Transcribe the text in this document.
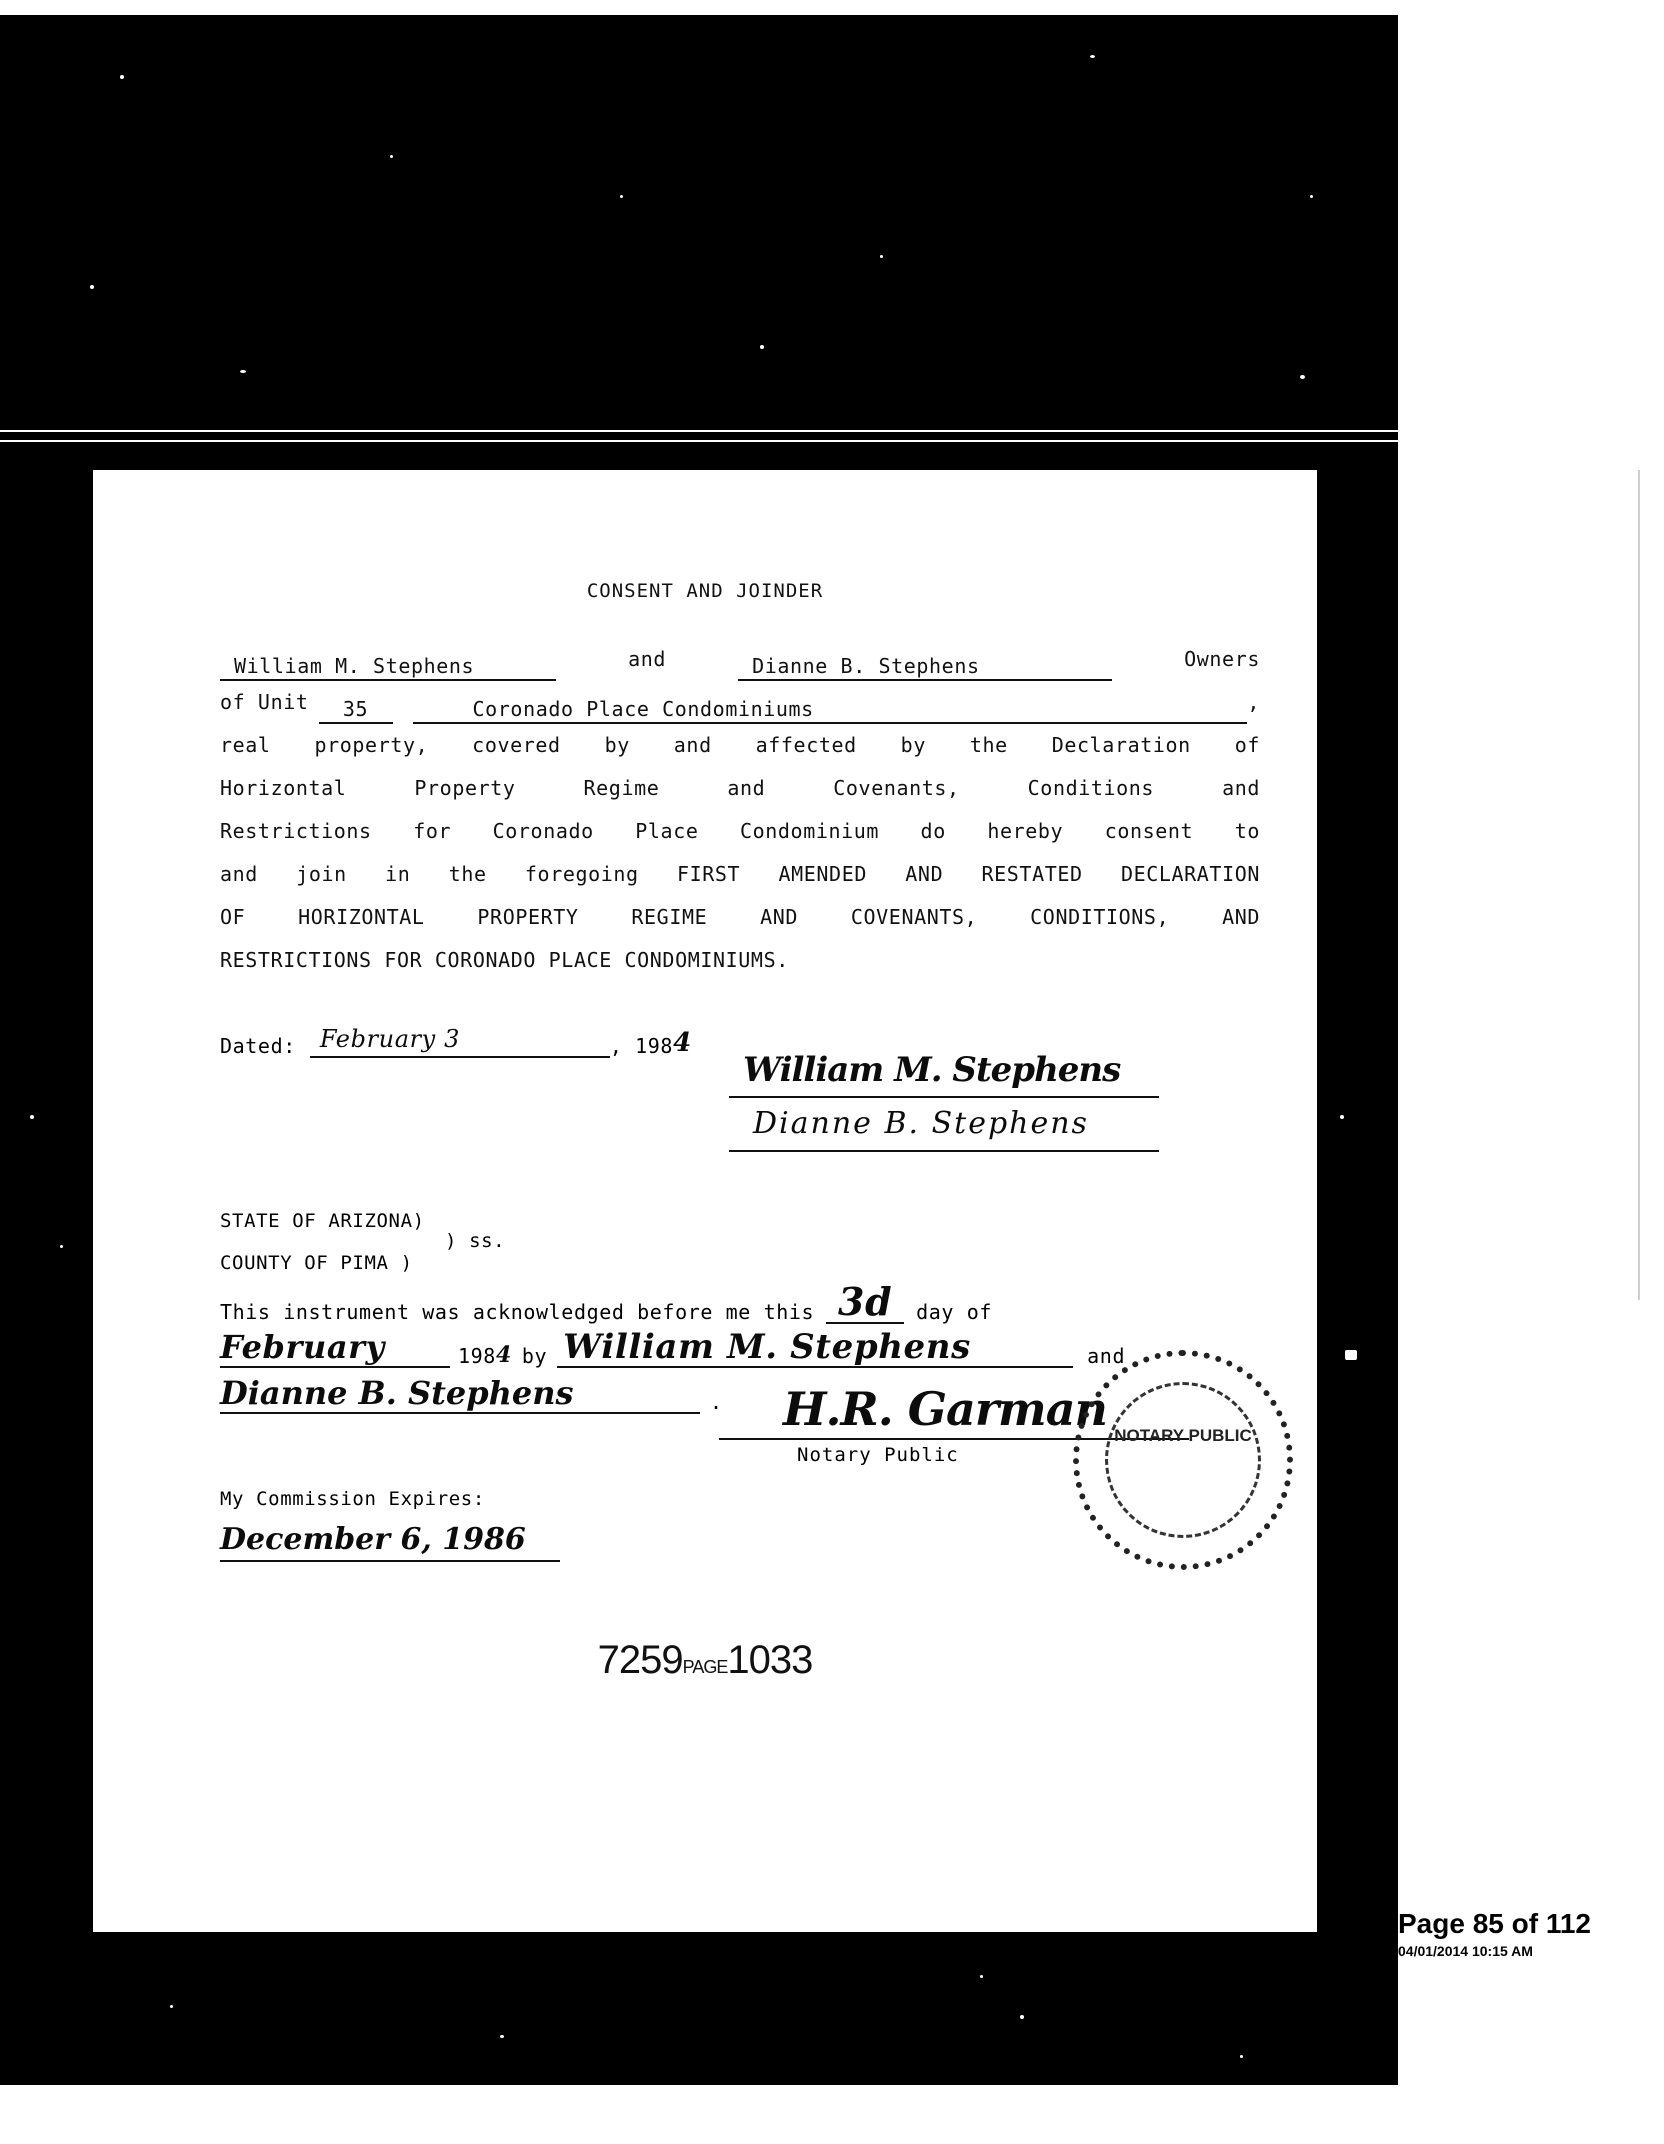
CONSENT AND JOINDER
William M. Stephens	and	Dianne B. Stephens	Owners
of Unit	35	Coronado Place Condominiums	,
real property, covered by and affected by the Declaration of
Horizontal Property Regime and Covenants, Conditions and
Restrictions for Coronado Place Condominium do hereby consent to
and join in the foregoing FIRST AMENDED AND RESTATED DECLARATION
OF HORIZONTAL PROPERTY REGIME AND COVENANTS, CONDITIONS, AND
RESTRICTIONS FOR CORONADO PLACE CONDOMINIUMS.
Dated:	February 3	, 198 4
William M. Stephens
Dianne B. Stephens
STATE OF ARIZONA)
) ss.
COUNTY OF PIMA )
This instrument was acknowledged before me this 3d	day of
February	198 4 by William M. Stephens	and
Dianne B. Stephens	. H.R. Garman
Notary Public
NOTARY PUBLIC
My Commission Expires:
December 6, 1986
7259PAGE1033
Page 85 of 112
04/01/2014 10:15 AM
